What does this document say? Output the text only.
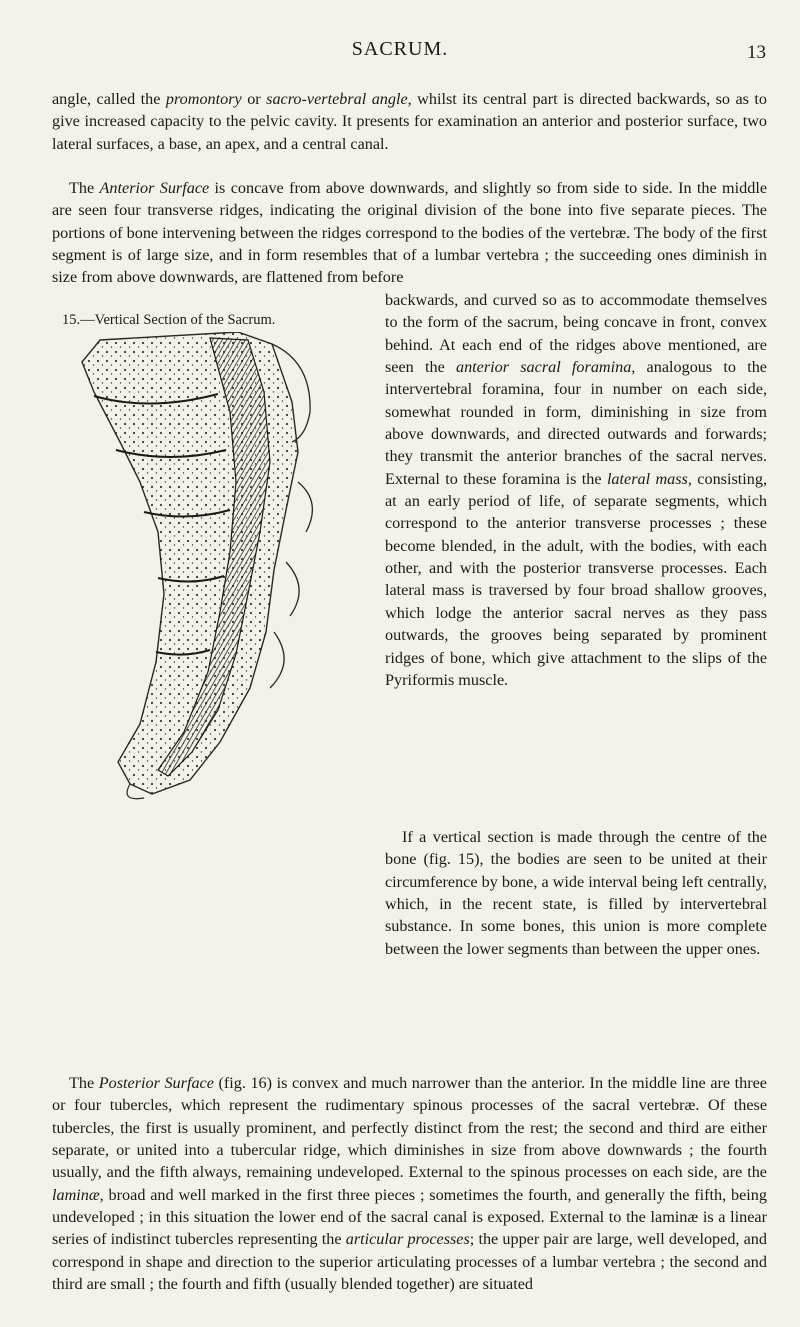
SACRUM.	13

angle, called the promontory or sacro-vertebral angle, whilst its central part is directed backwards, so as to give increased capacity to the pelvic cavity. It presents for examination an anterior and posterior surface, two lateral surfaces, a base, an apex, and a central canal.

The Anterior Surface is concave from above downwards, and slightly so from side to side. In the middle are seen four transverse ridges, indicating the original division of the bone into five separate pieces. The portions of bone intervening between the ridges correspond to the bodies of the vertebræ. The body of the first segment is of large size, and in form resembles that of a lumbar vertebra ; the succeeding ones diminish in size from above downwards, are flattened from before

15.—Vertical Section of the Sacrum.

backwards, and curved so as to accommodate themselves to the form of the sacrum, being concave in front, convex behind. At each end of the ridges above mentioned, are seen the anterior sacral foramina, analogous to the intervertebral foramina, four in number on each side, somewhat rounded in form, diminishing in size from above downwards, and directed outwards and forwards; they transmit the anterior branches of the sacral nerves. External to these foramina is the lateral mass, consisting, at an early period of life, of separate segments, which correspond to the anterior transverse processes ; these become blended, in the adult, with the bodies, with each other, and with the posterior transverse processes. Each lateral mass is traversed by four broad shallow grooves, which lodge the anterior sacral nerves as they pass outwards, the grooves being separated by prominent ridges of bone, which give attachment to the slips of the Pyriformis muscle.

If a vertical section is made through the centre of the bone (fig. 15), the bodies are seen to be united at their circumference by bone, a wide interval being left centrally, which, in the recent state, is filled by intervertebral substance. In some bones, this union is more complete between the lower segments than between the upper ones.

The Posterior Surface (fig. 16) is convex and much narrower than the anterior. In the middle line are three or four tubercles, which represent the rudimentary spinous processes of the sacral vertebræ. Of these tubercles, the first is usually prominent, and perfectly distinct from the rest; the second and third are either separate, or united into a tubercular ridge, which diminishes in size from above downwards ; the fourth usually, and the fifth always, remaining undeveloped. External to the spinous processes on each side, are the laminæ, broad and well marked in the first three pieces ; sometimes the fourth, and generally the fifth, being undeveloped ; in this situation the lower end of the sacral canal is exposed. External to the laminæ is a linear series of indistinct tubercles representing the articular processes; the upper pair are large, well developed, and correspond in shape and direction to the superior articulating processes of a lumbar vertebra ; the second and third are small ; the fourth and fifth (usually blended together) are situated
